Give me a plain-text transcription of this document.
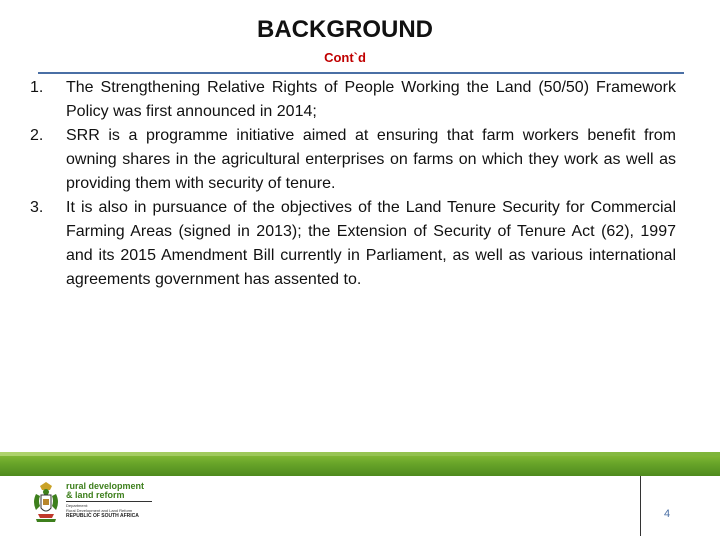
BACKGROUND
Cont`d
1. The Strengthening Relative Rights of People Working the Land (50/50) Framework Policy was first announced in 2014;
2. SRR is a programme initiative aimed at ensuring that farm workers benefit from owning shares in the agricultural enterprises on farms on which they work as well as providing them with security of tenure.
3. It is also in pursuance of the objectives of the Land Tenure Security for Commercial Farming Areas (signed in 2013); the Extension of Security of Tenure Act (62), 1997 and its 2015 Amendment Bill currently in Parliament, as well as various international agreements government has assented to.
rural development
& land reform
Department:
Rural Development and Land Reform
REPUBLIC OF SOUTH AFRICA	4
